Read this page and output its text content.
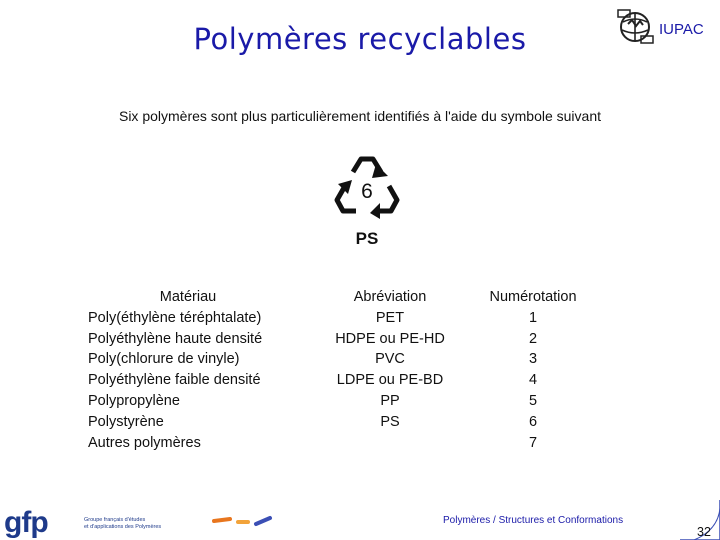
Polymères recyclables	IUPAC
Six polymères sont plus particulièrement identifiés à l'aide du symbole suivant
6
PS
Matériau
Poly(éthylène téréphtalate)
Polyéthylène haute densité
Poly(chlorure de vinyle)
Polyéthylène faible densité
Polypropylène
Polystyrène
Autres polymères
Abréviation
PET
HDPE ou PE-HD
PVC
LDPE ou PE-BD
PP
PS
Numérotation
1
2
3
4
5
6
7
gfp	Groupe français d'études
et d'applications des Polymères
Polymères / Structures et Conformations
32
